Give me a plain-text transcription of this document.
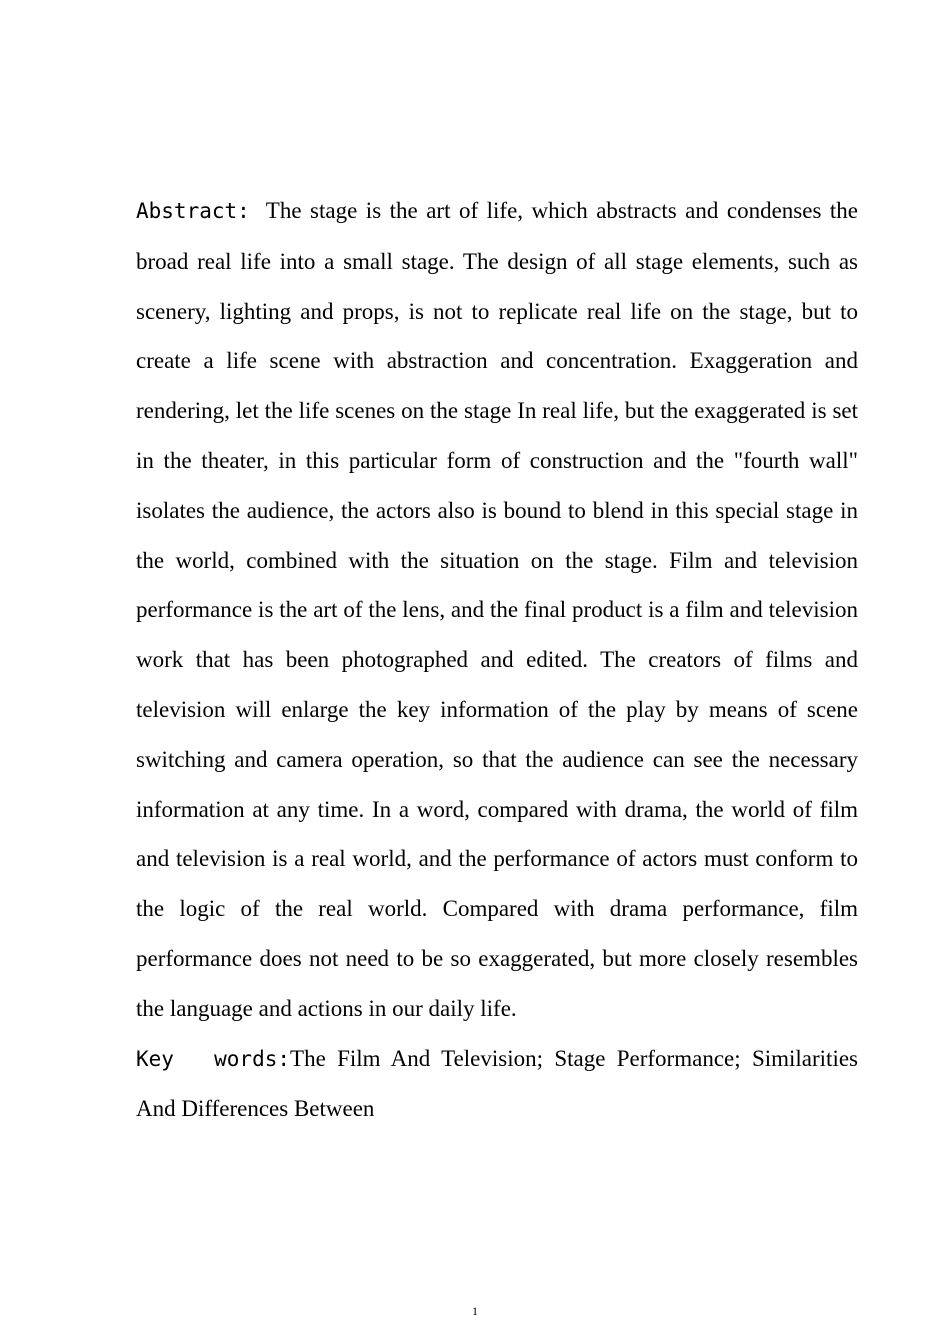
Abstract: The stage is the art of life, which abstracts and condenses the broad real life into a small stage. The design of all stage elements, such as scenery, lighting and props, is not to replicate real life on the stage, but to create a life scene with abstraction and concentration. Exaggeration and rendering, let the life scenes on the stage In real life, but the exaggerated is set in the theater, in this particular form of construction and the "fourth wall" isolates the audience, the actors also is bound to blend in this special stage in the world, combined with the situation on the stage. Film and television performance is the art of the lens, and the final product is a film and television work that has been photographed and edited. The creators of films and television will enlarge the key information of the play by means of scene switching and camera operation, so that the audience can see the necessary information at any time. In a word, compared with drama, the world of film and television is a real world, and the performance of actors must conform to the logic of the real world. Compared with drama performance, film performance does not need to be so exaggerated, but more closely resembles the language and actions in our daily life.

Key words:The Film And Television; Stage Performance; Similarities And Differences Between

1
